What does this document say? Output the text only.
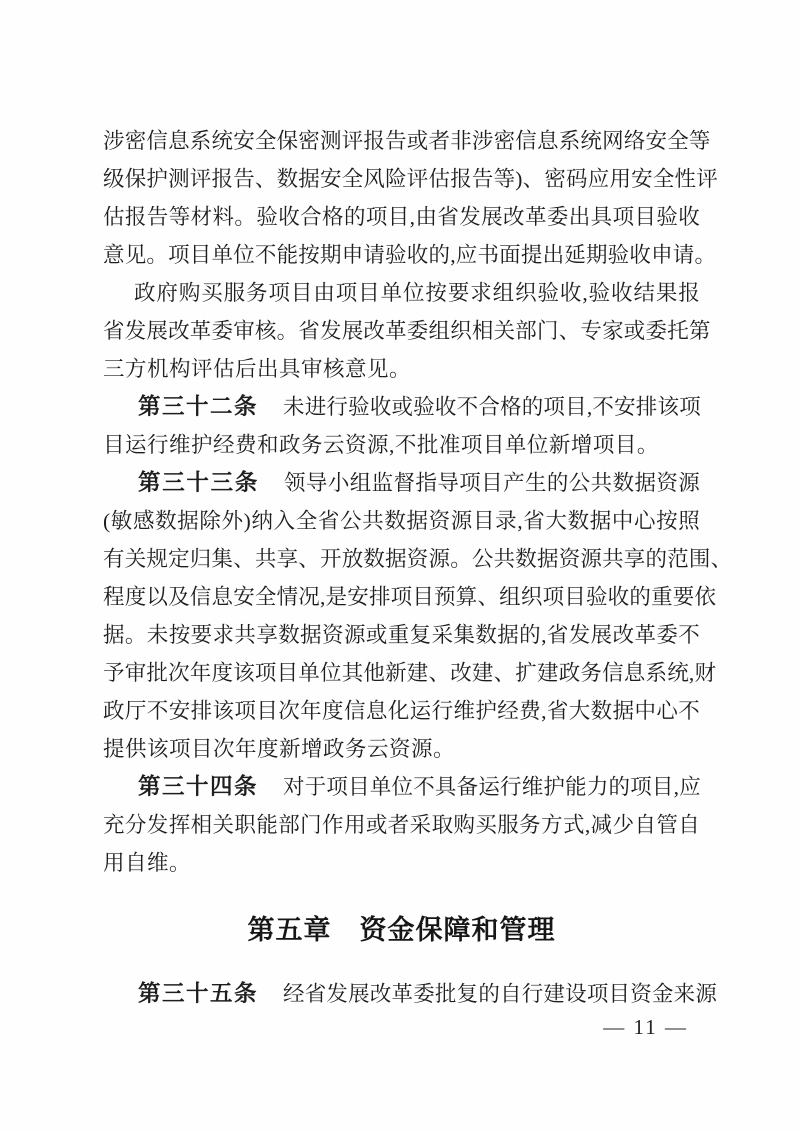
涉密信息系统安全保密测评报告或者非涉密信息系统网络安全等
级保护测评报告、数据安全风险评估报告等)、密码应用安全性评
估报告等材料。验收合格的项目,由省发展改革委出具项目验收
意见。项目单位不能按期申请验收的,应书面提出延期验收申请。
政府购买服务项目由项目单位按要求组织验收,验收结果报
省发展改革委审核。省发展改革委组织相关部门、专家或委托第
三方机构评估后出具审核意见。
第三十二条 未进行验收或验收不合格的项目,不安排该项
目运行维护经费和政务云资源,不批准项目单位新增项目。
第三十三条 领导小组监督指导项目产生的公共数据资源
(敏感数据除外)纳入全省公共数据资源目录,省大数据中心按照
有关规定归集、共享、开放数据资源。公共数据资源共享的范围、
程度以及信息安全情况,是安排项目预算、组织项目验收的重要依
据。未按要求共享数据资源或重复采集数据的,省发展改革委不
予审批次年度该项目单位其他新建、改建、扩建政务信息系统,财
政厅不安排该项目次年度信息化运行维护经费,省大数据中心不
提供该项目次年度新增政务云资源。
第三十四条 对于项目单位不具备运行维护能力的项目,应
充分发挥相关职能部门作用或者采取购买服务方式,减少自管自
用自维。
第五章　资金保障和管理
第三十五条 经省发展改革委批复的自行建设项目资金来源
— 11 —
